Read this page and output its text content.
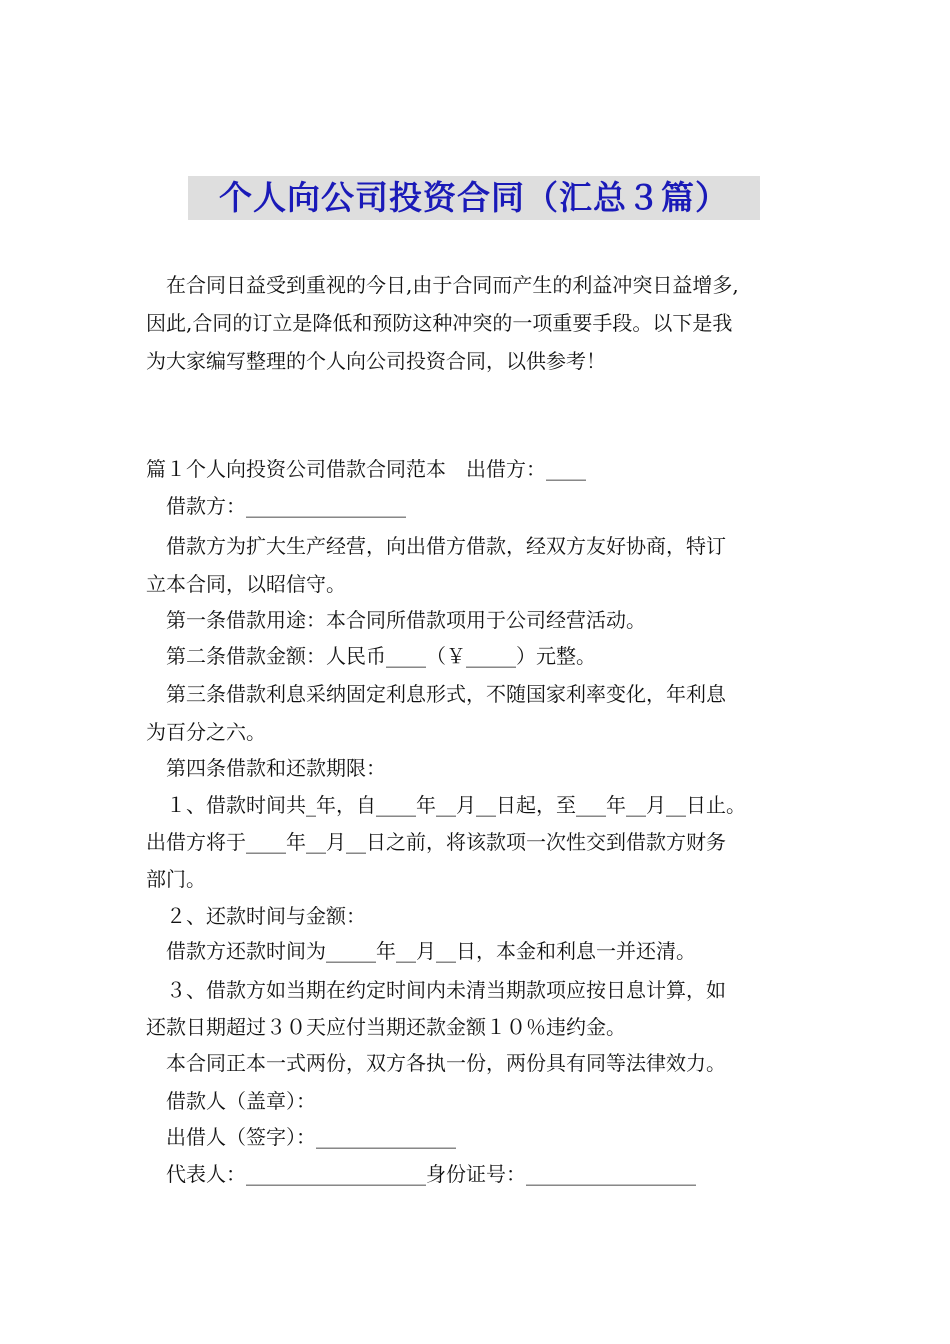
个人向公司投资合同（汇总３篇）
在合同日益受到重视的今日,由于合同而产生的利益冲突日益增多,
因此,合同的订立是降低和预防这种冲突的一项重要手段。以下是我
为大家编写整理的个人向公司投资合同，以供参考！
篇１个人向投资公司借款合同范本　出借方：____
借款方：________________
借款方为扩大生产经营，向出借方借款，经双方友好协商，特订
立本合同，以昭信守。
第一条借款用途：本合同所借款项用于公司经营活动。
第二条借款金额：人民币____（￥_____）元整。
第三条借款利息采纳固定利息形式，不随国家利率变化，年利息
为百分之六。
第四条借款和还款期限：
１、借款时间共_年，自____年__月__日起，至___年__月__日止。
出借方将于____年__月__日之前，将该款项一次性交到借款方财务
部门。
２、还款时间与金额：
借款方还款时间为_____年__月__日，本金和利息一并还清。
３、借款方如当期在约定时间内未清当期款项应按日息计算，如
还款日期超过３０天应付当期还款金额１０％违约金。
本合同正本一式两份，双方各执一份，两份具有同等法律效力。
借款人（盖章）：
出借人（签字）：______________
代表人：__________________身份证号：_________________
